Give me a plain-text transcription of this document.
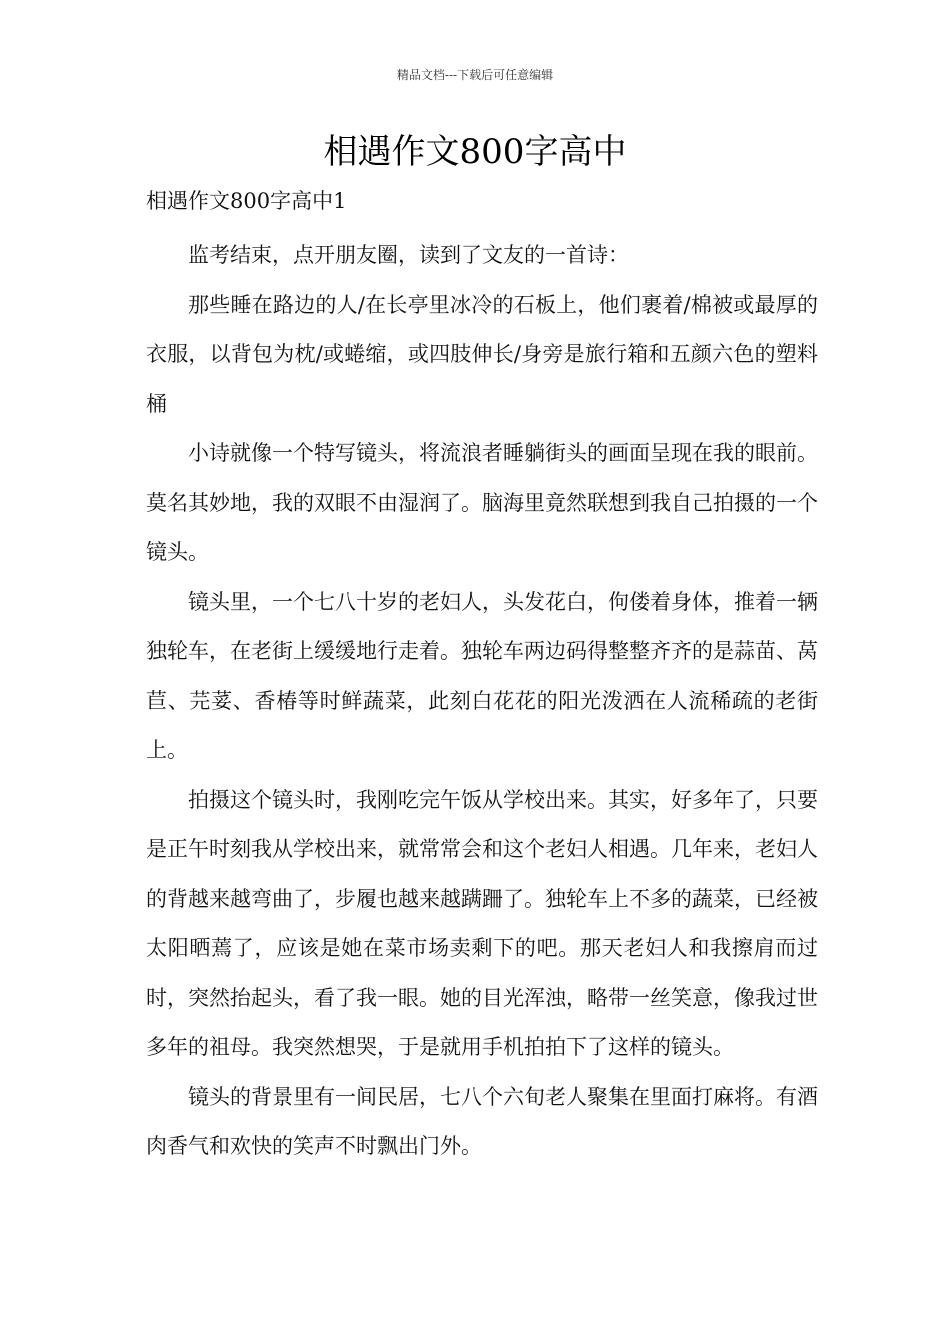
精品文档---下载后可任意编辑
相遇作文800字高中

相遇作文800字高中1

监考结束，点开朋友圈，读到了文友的一首诗：

那些睡在路边的人/在长亭里冰冷的石板上，他们裹着/棉被或最厚的衣服，以背包为枕/或蜷缩，或四肢伸长/身旁是旅行箱和五颜六色的塑料桶

小诗就像一个特写镜头，将流浪者睡躺街头的画面呈现在我的眼前。莫名其妙地，我的双眼不由湿润了。脑海里竟然联想到我自己拍摄的一个镜头。

镜头里，一个七八十岁的老妇人，头发花白，佝偻着身体，推着一辆独轮车，在老街上缓缓地行走着。独轮车两边码得整整齐齐的是蒜苗、莴苣、芫荽、香椿等时鲜蔬菜，此刻白花花的阳光泼洒在人流稀疏的老街上。

拍摄这个镜头时，我刚吃完午饭从学校出来。其实，好多年了，只要是正午时刻我从学校出来，就常常会和这个老妇人相遇。几年来，老妇人的背越来越弯曲了，步履也越来越蹒跚了。独轮车上不多的蔬菜，已经被太阳晒蔫了，应该是她在菜市场卖剩下的吧。那天老妇人和我擦肩而过时，突然抬起头，看了我一眼。她的目光浑浊，略带一丝笑意，像我过世多年的祖母。我突然想哭，于是就用手机拍拍下了这样的镜头。

镜头的背景里有一间民居，七八个六旬老人聚集在里面打麻将。有酒肉香气和欢快的笑声不时飘出门外。
